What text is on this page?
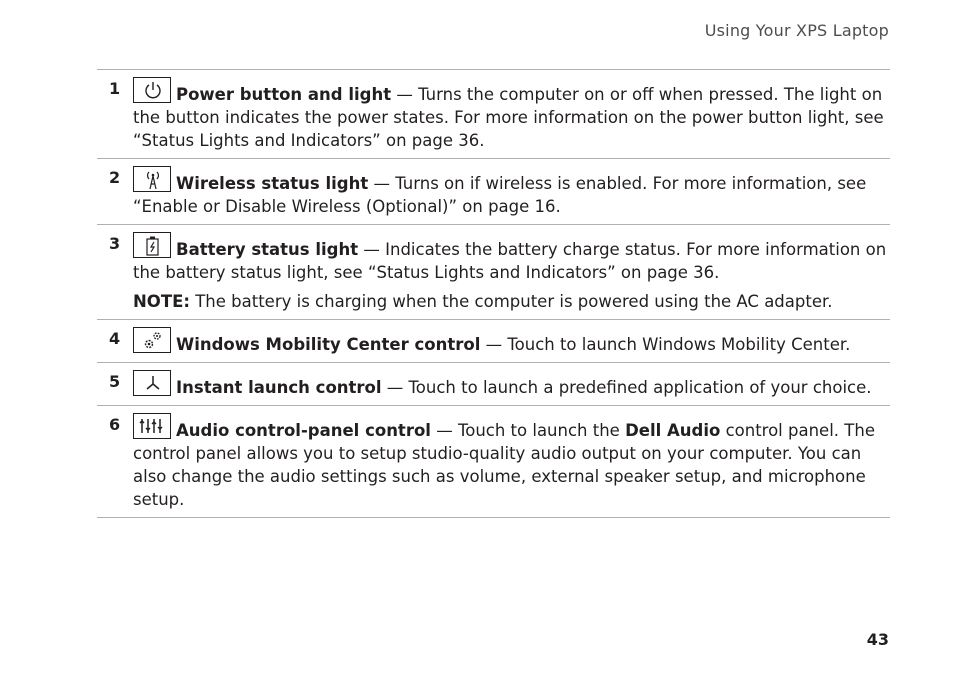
Using Your XPS Laptop
1	Power button and light — Turns the computer on or off when pressed. The light on the button indicates the power states. For more information on the power button light, see “Status Lights and Indicators” on page 36.
2	Wireless status light — Turns on if wireless is enabled. For more information, see “Enable or Disable Wireless (Optional)” on page 16.
3	Battery status light — Indicates the battery charge status. For more information on the battery status light, see “Status Lights and Indicators” on page 36.
NOTE: The battery is charging when the computer is powered using the AC adapter.
4	Windows Mobility Center control — Touch to launch Windows Mobility Center.
5	Instant launch control — Touch to launch a predefined application of your choice.
6	Audio control-panel control — Touch to launch the Dell Audio control panel. The control panel allows you to setup studio-quality audio output on your computer. You can also change the audio settings such as volume, external speaker setup, and microphone setup.
43
